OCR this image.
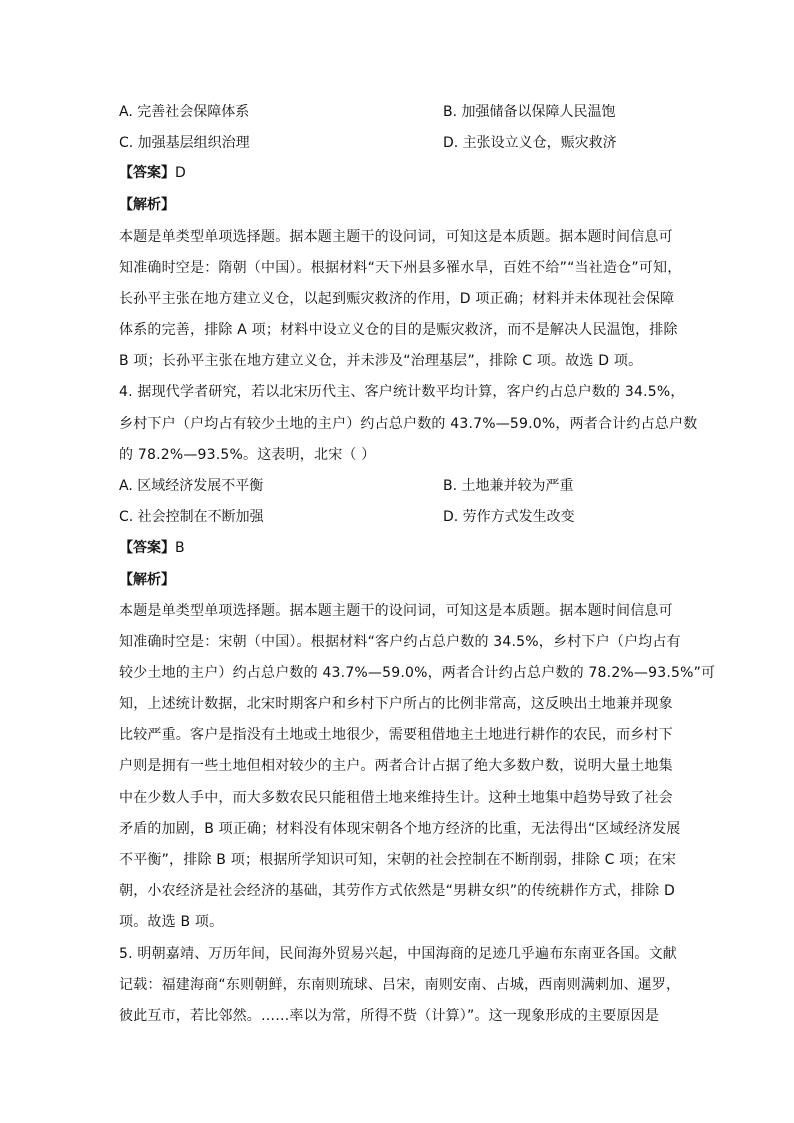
A. 完善社会保障体系	B. 加强储备以保障人民温饱
C. 加强基层组织治理	D. 主张设立义仓，赈灾救济
【答案】D
【解析】
本题是单类型单项选择题。据本题主题干的设问词，可知这是本质题。据本题时间信息可
知准确时空是：隋朝（中国）。根据材料“天下州县多罹水旱，百姓不给”“当社造仓”可知，
长孙平主张在地方建立义仓，以起到赈灾救济的作用，D 项正确；材料并未体现社会保障
体系的完善，排除 A 项；材料中设立义仓的目的是赈灾救济，而不是解决人民温饱，排除
B 项；长孙平主张在地方建立义仓，并未涉及“治理基层”，排除 C 项。故选 D 项。
4. 据现代学者研究，若以北宋历代主、客户统计数平均计算，客户约占总户数的 34.5%，
乡村下户（户均占有较少土地的主户）约占总户数的 43.7%—59.0%，两者合计约占总户数
的 78.2%—93.5%。这表明，北宋（ ）
A. 区域经济发展不平衡	B. 土地兼并较为严重
C. 社会控制在不断加强	D. 劳作方式发生改变
【答案】B
【解析】
本题是单类型单项选择题。据本题主题干的设问词，可知这是本质题。据本题时间信息可
知准确时空是：宋朝（中国）。根据材料“客户约占总户数的 34.5%，乡村下户（户均占有
较少土地的主户）约占总户数的 43.7%—59.0%，两者合计约占总户数的 78.2%—93.5%”可
知，上述统计数据，北宋时期客户和乡村下户所占的比例非常高，这反映出土地兼并现象
比较严重。客户是指没有土地或土地很少，需要租借地主土地进行耕作的农民，而乡村下
户则是拥有一些土地但相对较少的主户。两者合计占据了绝大多数户数，说明大量土地集
中在少数人手中，而大多数农民只能租借土地来维持生计。这种土地集中趋势导致了社会
矛盾的加剧，B 项正确；材料没有体现宋朝各个地方经济的比重，无法得出“区域经济发展
不平衡”，排除 B 项；根据所学知识可知，宋朝的社会控制在不断削弱，排除 C 项；在宋
朝，小农经济是社会经济的基础，其劳作方式依然是“男耕女织”的传统耕作方式，排除 D
项。故选 B 项。
5. 明朝嘉靖、万历年间，民间海外贸易兴起，中国海商的足迹几乎遍布东南亚各国。文献
记载：福建海商“东则朝鲜，东南则琉球、吕宋，南则安南、占城，西南则满剌加、暹罗，
彼此互市，若比邻然。……率以为常，所得不赀（计算）”。这一现象形成的主要原因是
